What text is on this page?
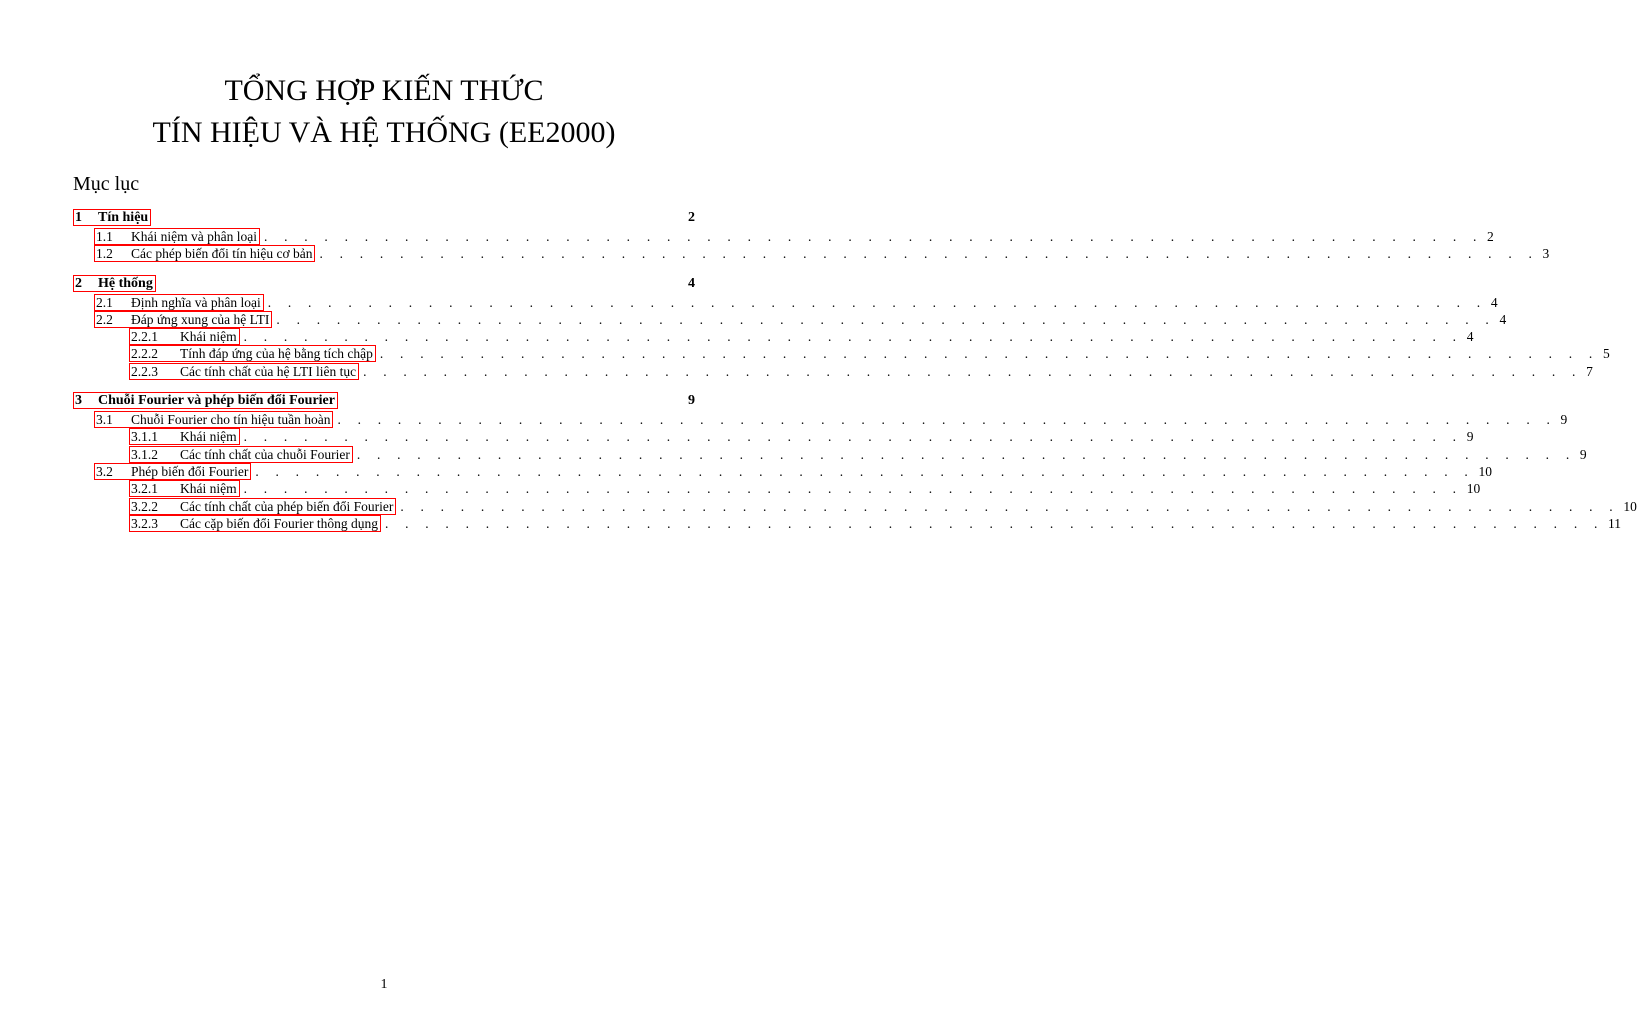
TỔNG HỢP KIẾN THỨC
TÍN HIỆU VÀ HỆ THỐNG (EE2000)
Mục lục
1	Tín hiệu	2
1.1	Khái niệm và phân loại . . . . . . . . . . . . . . . . . . . . . . . . . . . . . . . . . . . . . . . . . . . . . . . . . . . . . . . . . . . . . 2
1.2	Các phép biến đổi tín hiệu cơ bản . . . . . . . . . . . . . . . . . . . . . . . . . . . . . . . . . . . . . . . . . . . . . . . . . . . . . . . . . . . . . 3
2	Hệ thống	4
2.1	Định nghĩa và phân loại . . . . . . . . . . . . . . . . . . . . . . . . . . . . . . . . . . . . . . . . . . . . . . . . . . . . . . . . . . . . . 4
2.2	Đáp ứng xung của hệ LTI . . . . . . . . . . . . . . . . . . . . . . . . . . . . . . . . . . . . . . . . . . . . . . . . . . . . . . . . . . . . . 4
2.2.1	Khái niệm . . . . . . . . . . . . . . . . . . . . . . . . . . . . . . . . . . . . . . . . . . . . . . . . . . . . . . . . . . . . . 4
2.2.2	Tính đáp ứng của hệ bằng tích chập . . . . . . . . . . . . . . . . . . . . . . . . . . . . . . . . . . . . . . . . . . . . . . . . . . . . . . . . . . . . . 5
2.2.3	Các tính chất của hệ LTI liên tục . . . . . . . . . . . . . . . . . . . . . . . . . . . . . . . . . . . . . . . . . . . . . . . . . . . . . . . . . . . . . 7
3	Chuỗi Fourier và phép biến đổi Fourier	9
3.1	Chuỗi Fourier cho tín hiệu tuần hoàn . . . . . . . . . . . . . . . . . . . . . . . . . . . . . . . . . . . . . . . . . . . . . . . . . . . . . . . . . . . . . 9
3.1.1	Khái niệm . . . . . . . . . . . . . . . . . . . . . . . . . . . . . . . . . . . . . . . . . . . . . . . . . . . . . . . . . . . . . 9
3.1.2	Các tính chất của chuỗi Fourier . . . . . . . . . . . . . . . . . . . . . . . . . . . . . . . . . . . . . . . . . . . . . . . . . . . . . . . . . . . . . 9
3.2	Phép biến đổi Fourier . . . . . . . . . . . . . . . . . . . . . . . . . . . . . . . . . . . . . . . . . . . . . . . . . . . . . . . . . . . . . 10
3.2.1	Khái niệm . . . . . . . . . . . . . . . . . . . . . . . . . . . . . . . . . . . . . . . . . . . . . . . . . . . . . . . . . . . . . 10
3.2.2	Các tính chất của phép biến đổi Fourier . . . . . . . . . . . . . . . . . . . . . . . . . . . . . . . . . . . . . . . . . . . . . . . . . . . . . . . . . . . . . 10
3.2.3	Các cặp biến đổi Fourier thông dụng . . . . . . . . . . . . . . . . . . . . . . . . . . . . . . . . . . . . . . . . . . . . . . . . . . . . . . . . . . . . . 11
1
